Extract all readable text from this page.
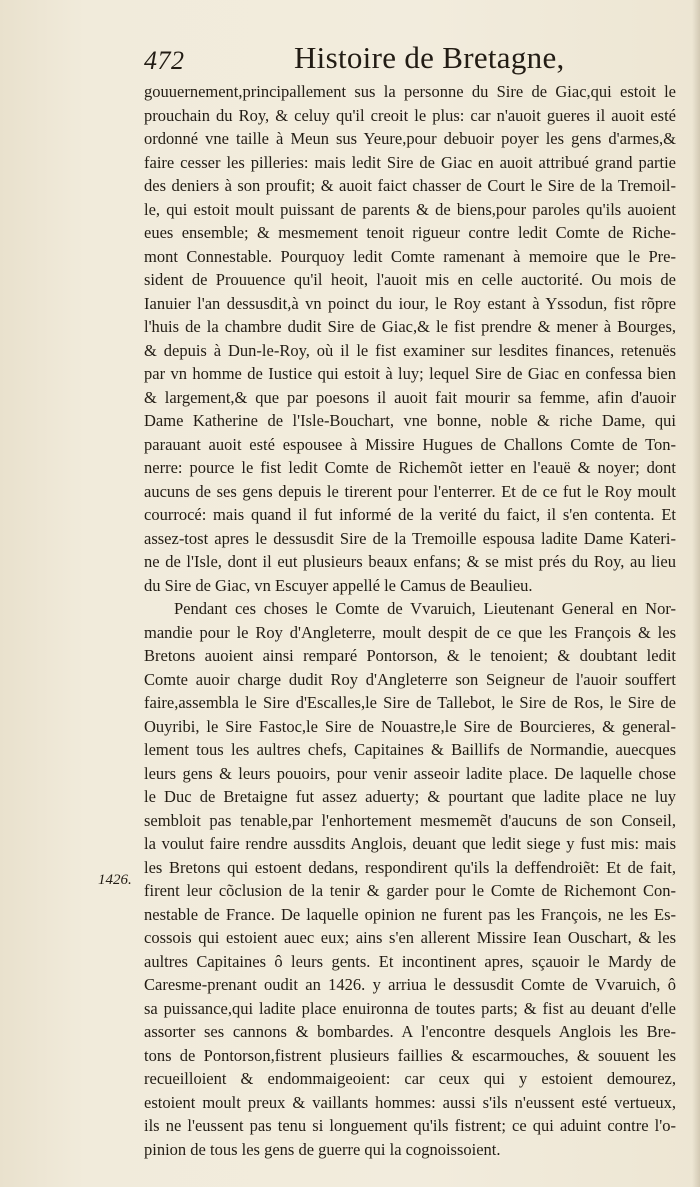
472	Histoire de Bretagne,
1426.
gouuernement,principallement sus la personne du Sire de Giac,qui estoit le
prouchain du Roy, & celuy qu'il creoit le plus: car n'auoit gueres il auoit esté
ordonné vne taille à Meun sus Yeure,pour debuoir poyer les gens d'armes,&
faire cesser les pilleries: mais ledit Sire de Giac en auoit attribué grand partie
des deniers à son proufit; & auoit faict chasser de Court le Sire de la Tremoil-
le, qui estoit moult puissant de parents & de biens,pour paroles qu'ils auoient
eues ensemble; & mesmement tenoit rigueur contre ledit Comte de Riche-
mont Connestable. Pourquoy ledit Comte ramenant à memoire que le Pre-
sident de Prouuence qu'il heoit, l'auoit mis en celle auctorité. Ou mois de
Ianuier l'an dessusdit,à vn poinct du iour, le Roy estant à Yssodun, fist rõpre
l'huis de la chambre dudit Sire de Giac,& le fist prendre & mener à Bourges,
& depuis à Dun-le-Roy, où il le fist examiner sur lesdites finances, retenuës
par vn homme de Iustice qui estoit à luy; lequel Sire de Giac en confessa bien
& largement,& que par poesons il auoit fait mourir sa femme, afin d'auoir
Dame Katherine de l'Isle-Bouchart, vne bonne, noble & riche Dame, qui
parauant auoit esté espousee à Missire Hugues de Challons Comte de Ton-
nerre: pource le fist ledit Comte de Richemõt ietter en l'eauë & noyer; dont
aucuns de ses gens depuis le tirerent pour l'enterrer. Et de ce fut le Roy moult
courrocé: mais quand il fut informé de la verité du faict, il s'en contenta. Et
assez-tost apres le dessusdit Sire de la Tremoille espousa ladite Dame Kateri-
ne de l'Isle, dont il eut plusieurs beaux enfans; & se mist prés du Roy, au lieu
du Sire de Giac, vn Escuyer appellé le Camus de Beaulieu.
Pendant ces choses le Comte de Vvaruich, Lieutenant General en Nor-
mandie pour le Roy d'Angleterre, moult despit de ce que les François & les
Bretons auoient ainsi remparé Pontorson, & le tenoient; & doubtant ledit
Comte auoir charge dudit Roy d'Angleterre son Seigneur de l'auoir souffert
faire,assembla le Sire d'Escalles,le Sire de Tallebot, le Sire de Ros, le Sire de
Ouyribi, le Sire Fastoc,le Sire de Nouastre,le Sire de Bourcieres, & general-
lement tous les aultres chefs, Capitaines & Baillifs de Normandie, auecques
leurs gens & leurs pouoirs, pour venir asseoir ladite place. De laquelle chose
le Duc de Bretaigne fut assez aduerty; & pourtant que ladite place ne luy
sembloit pas tenable,par l'enhortement mesmemẽt d'aucuns de son Conseil,
la voulut faire rendre aussdits Anglois, deuant que ledit siege y fust mis: mais
les Bretons qui estoent dedans, respondirent qu'ils la deffendroiẽt: Et de fait,
firent leur cõclusion de la tenir & garder pour le Comte de Richemont Con-
nestable de France. De laquelle opinion ne furent pas les François, ne les Es-
cossois qui estoient auec eux; ains s'en allerent Missire Iean Ouschart, & les
aultres Capitaines ô leurs gents. Et incontinent apres, sçauoir le Mardy de
Caresme-prenant oudit an 1426. y arriua le dessusdit Comte de Vvaruich, ô
sa puissance,qui ladite place enuironna de toutes parts; & fist au deuant d'elle
assorter ses cannons & bombardes. A l'encontre desquels Anglois les Bre-
tons de Pontorson,fistrent plusieurs faillies & escarmouches, & souuent les
recueilloient & endommaigeoient: car ceux qui y estoient demourez,
estoient moult preux & vaillants hommes: aussi s'ils n'eussent esté vertueux,
ils ne l'eussent pas tenu si longuement qu'ils fistrent; ce qui aduint contre l'o-
pinion de tous les gens de guerre qui la cognoissoient.
